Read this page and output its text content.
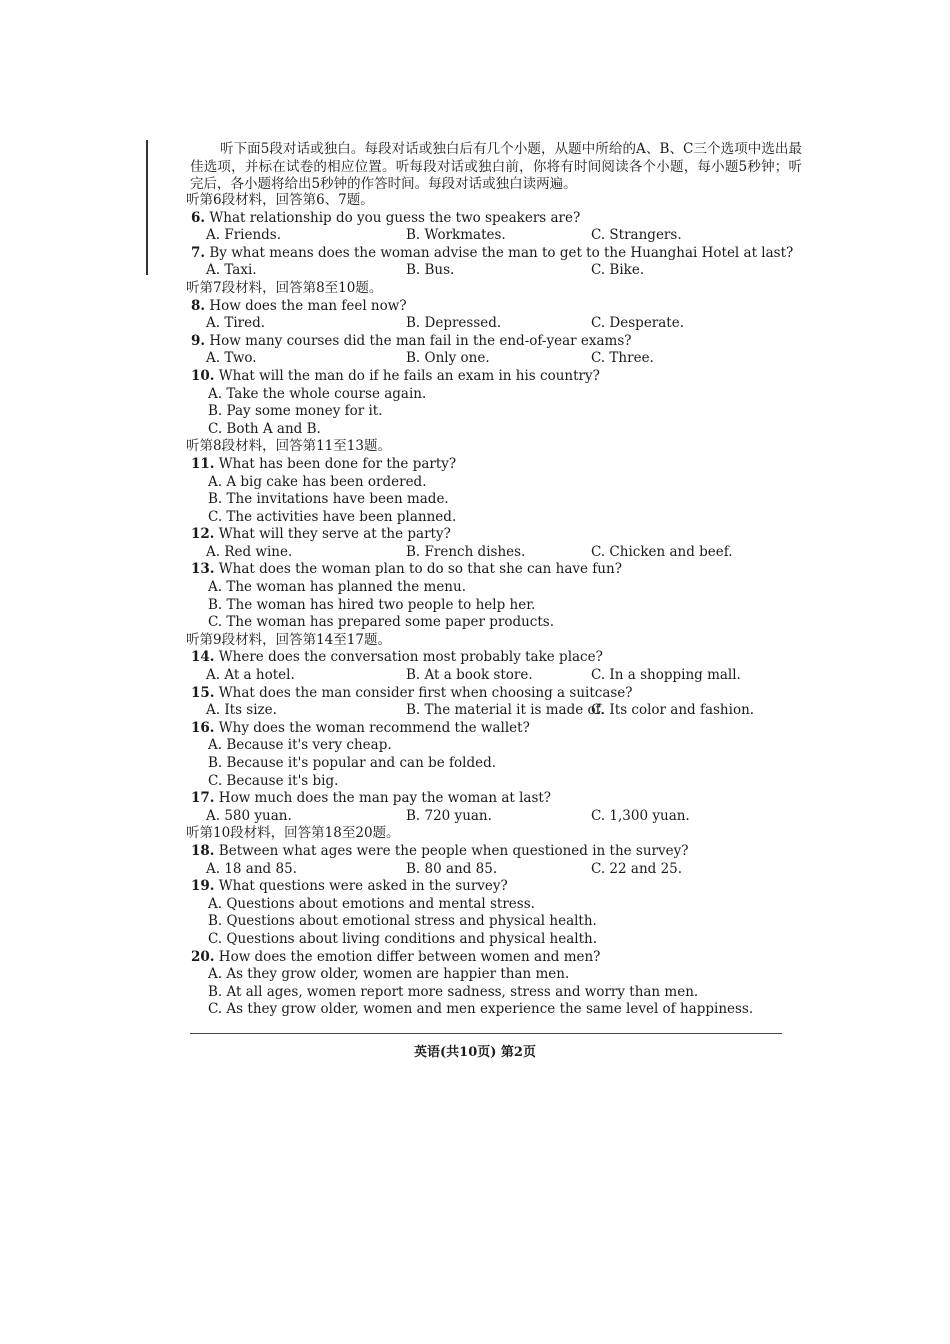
听下面5段对话或独白。每段对话或独白后有几个小题，从题中所给的A、B、C三个选项中选出最佳选项，并标在试卷的相应位置。听每段对话或独白前，你将有时间阅读各个小题，每小题5秒钟；听完后，各小题将给出5秒钟的作答时间。每段对话或独白读两遍。

听第6段材料，回答第6、7题。
6. What relationship do you guess the two speakers are?
A. Friends.	B. Workmates.	C. Strangers.
7. By what means does the woman advise the man to get to the Huanghai Hotel at last?
A. Taxi.	B. Bus.	C. Bike.
听第7段材料，回答第8至10题。
8. How does the man feel now?
A. Tired.	B. Depressed.	C. Desperate.
9. How many courses did the man fail in the end-of-year exams?
A. Two.	B. Only one.	C. Three.
10. What will the man do if he fails an exam in his country?
A. Take the whole course again.
B. Pay some money for it.
C. Both A and B.
听第8段材料，回答第11至13题。
11. What has been done for the party?
A. A big cake has been ordered.
B. The invitations have been made.
C. The activities have been planned.
12. What will they serve at the party?
A. Red wine.	B. French dishes.	C. Chicken and beef.
13. What does the woman plan to do so that she can have fun?
A. The woman has planned the menu.
B. The woman has hired two people to help her.
C. The woman has prepared some paper products.
听第9段材料，回答第14至17题。
14. Where does the conversation most probably take place?
A. At a hotel.	B. At a book store.	C. In a shopping mall.
15. What does the man consider first when choosing a suitcase?
A. Its size.	B. The material it is made of.
C. Its color and fashion.
16. Why does the woman recommend the wallet?
A. Because it's very cheap.
B. Because it's popular and can be folded.
C. Because it's big.
17. How much does the man pay the woman at last?
A. 580 yuan.	B. 720 yuan.	C. 1,300 yuan.
听第10段材料，回答第18至20题。
18. Between what ages were the people when questioned in the survey?
A. 18 and 85.	B. 80 and 85.	C. 22 and 25.
19. What questions were asked in the survey?
A. Questions about emotions and mental stress.
B. Questions about emotional stress and physical health.
C. Questions about living conditions and physical health.
20. How does the emotion differ between women and men?
A. As they grow older, women are happier than men.
B. At all ages, women report more sadness, stress and worry than men.
C. As they grow older, women and men experience the same level of happiness.
英语(共10页) 第2页
